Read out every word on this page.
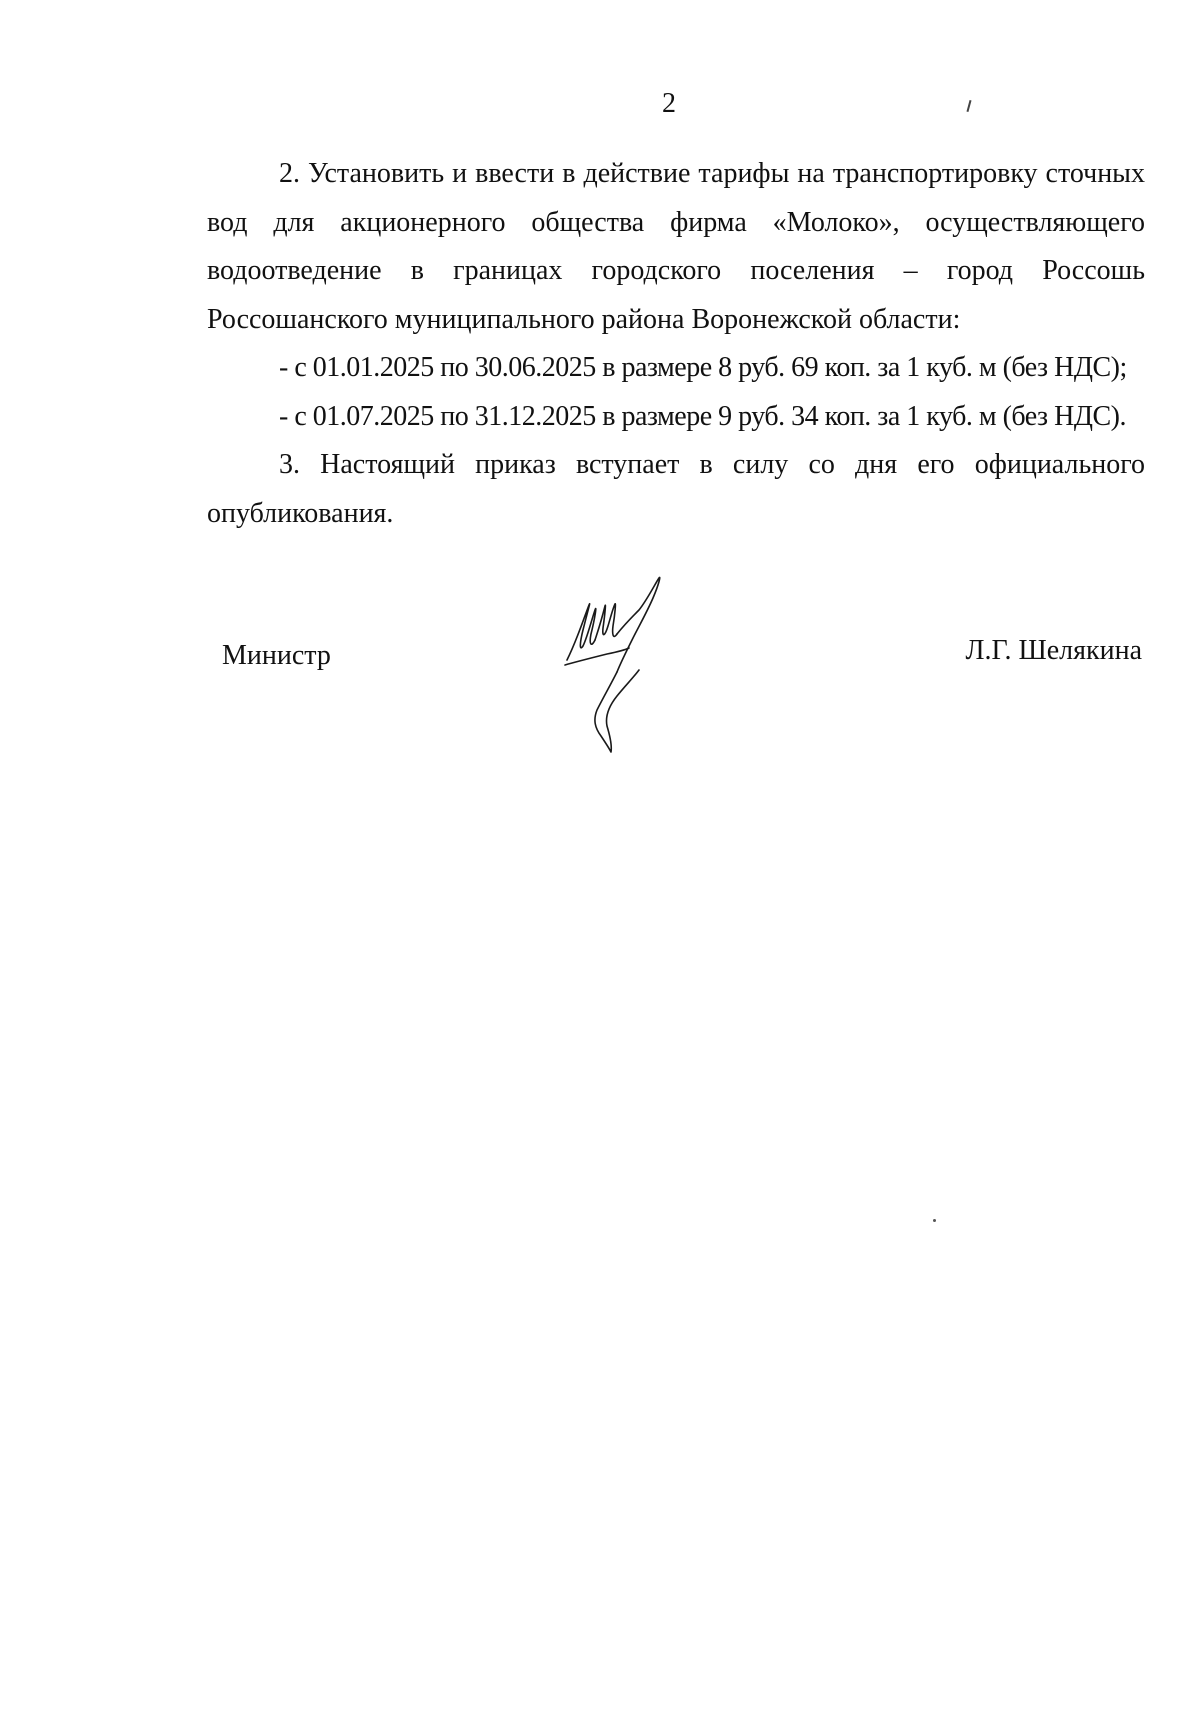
2

2. Установить и ввести в действие тарифы на транспортировку сточных вод для акционерного общества фирма «Молоко», осуществляющего водоотведение в границах городского поселения – город Россошь Россошанского муниципального района Воронежской области:

- с 01.01.2025 по 30.06.2025 в размере 8 руб. 69 коп. за 1 куб. м (без НДС);

- с 01.07.2025 по 31.12.2025 в размере 9 руб. 34 коп. за 1 куб. м (без НДС).

3. Настоящий приказ вступает в силу со дня его официального опубликования.

Министр	Л.Г. Шелякина
